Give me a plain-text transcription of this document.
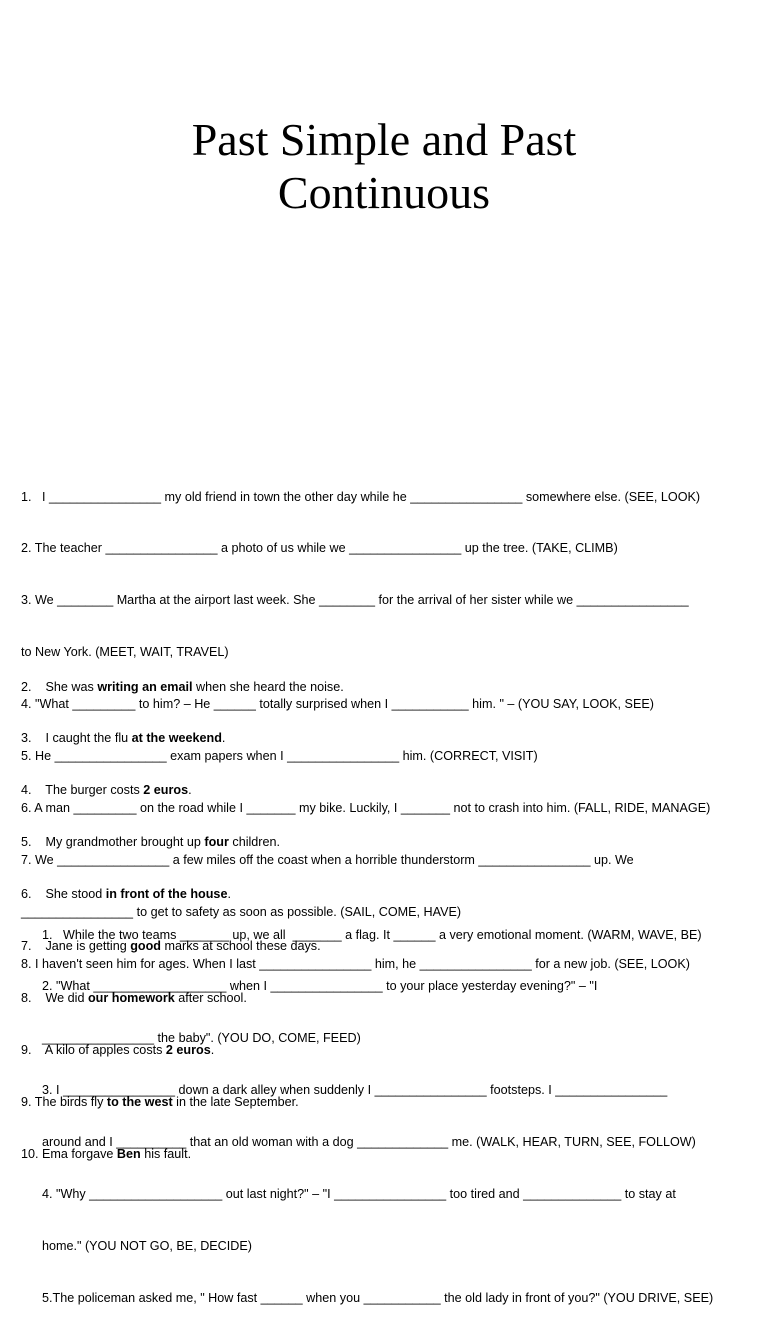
Past Simple and Past
Continuous

1.   I ________________ my old friend in town the other day while he ________________ somewhere else. (SEE, LOOK)

2. The teacher ________________ a photo of us while we ________________ up the tree. (TAKE, CLIMB)

3. We ________ Martha at the airport last week. She ________ for the arrival of her sister while we ________________

to New York. (MEET, WAIT, TRAVEL)

4. "What _________ to him? – He ______ totally surprised when I ___________ him. " – (YOU SAY, LOOK, SEE)

5. He ________________ exam papers when I ________________ him. (CORRECT, VISIT)

6. A man _________ on the road while I _______ my bike. Luckily, I _______ not to crash into him. (FALL, RIDE, MANAGE)

7. We ________________ a few miles off the coast when a horrible thunderstorm ________________ up. We

________________ to get to safety as soon as possible. (SAIL, COME, HAVE)

8. I haven't seen him for ages. When I last ________________ him, he ________________ for a new job. (SEE, LOOK)

2.    She was writing an email when she heard the noise.

3.    I caught the flu at the weekend.

4.    The burger costs 2 euros.

5.    My grandmother brought up four children.

6.    She stood in front of the house.

7.    Jane is getting good marks at school these days.

8.    We did our homework after school.

9.    A kilo of apples costs 2 euros.

9. The birds fly to the west in the late September.

10. Ema forgave Ben his fault.

1.   While the two teams _______ up, we all  _______ a flag. It ______ a very emotional moment. (WARM, WAVE, BE)

2. "What ___________________ when I ________________ to your place yesterday evening?" – "I

________________ the baby". (YOU DO, COME, FEED)

3. I ________________ down a dark alley when suddenly I ________________ footsteps. I ________________

around and I __________ that an old woman with a dog _____________ me. (WALK, HEAR, TURN, SEE, FOLLOW)

4. "Why ___________________ out last night?" – "I ________________ too tired and ______________ to stay at

home." (YOU NOT GO, BE, DECIDE)

5.The policeman asked me, " How fast ______ when you ___________ the old lady in front of you?" (YOU DRIVE, SEE)
